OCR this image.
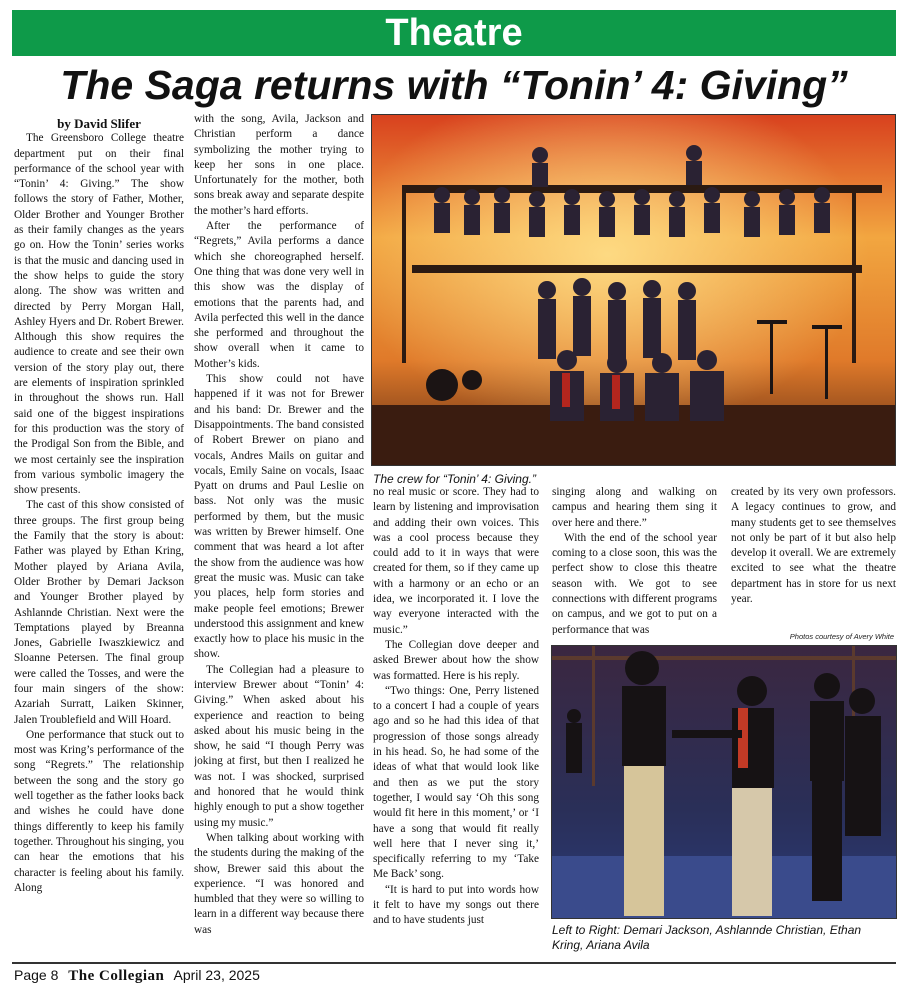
Theatre
The Saga returns with “Tonin’ 4: Giving”

by David Slifer

The Greensboro College theatre department put on their final performance of the school year with “Tonin’ 4: Giving.” The show follows the story of Father, Mother, Older Brother and Younger Brother as their family changes as the years go on. How the Tonin’ series works is that the music and dancing used in the show helps to guide the story along. The show was written and directed by Perry Morgan Hall, Ashley Hyers and Dr. Robert Brewer. Although this show requires the audience to create and see their own version of the story play out, there are elements of inspiration sprinkled in throughout the shows run. Hall said one of the biggest inspirations for this production was the story of the Prodigal Son from the Bible, and we most certainly see the inspiration from various symbolic imagery the show presents.

The cast of this show consisted of three groups. The first group being the Family that the story is about: Father was played by Ethan Kring, Mother played by Ariana Avila, Older Brother by Demari Jackson and Younger Brother played by Ashlannde Christian. Next were the Temptations played by Breanna Jones, Gabrielle Iwaszkiewicz and Sloanne Petersen. The final group were called the Tosses, and were the four main singers of the show: Azariah Surratt, Laiken Skinner, Jalen Troublefield and Will Hoard.

One performance that stuck out to most was Kring’s performance of the song “Regrets.” The relationship between the song and the story go well together as the father looks back and wishes he could have done things differently to keep his family together. Throughout his singing, you can hear the emotions that his character is feeling about his family. Along

with the song, Avila, Jackson and Christian perform a dance symbolizing the mother trying to keep her sons in one place. Unfortunately for the mother, both sons break away and separate despite the mother’s hard efforts.

After the performance of “Regrets,” Avila performs a dance which she choreographed herself. One thing that was done very well in this show was the display of emotions that the parents had, and Avila perfected this well in the dance she performed and throughout the show overall when it came to Mother’s kids.

This show could not have happened if it was not for Brewer and his band: Dr. Brewer and the Disappointments. The band consisted of Robert Brewer on piano and vocals, Andres Mails on guitar and vocals, Emily Saine on vocals, Isaac Pyatt on drums and Paul Leslie on bass. Not only was the music performed by them, but the music was written by Brewer himself. One comment that was heard a lot after the show from the audience was how great the music was. Music can take you places, help form stories and make people feel emotions; Brewer understood this assignment and knew exactly how to place his music in the show.

The Collegian had a pleasure to interview Brewer about “Tonin’ 4: Giving.” When asked about his experience and reaction to being asked about his music being in the show, he said “I though Perry was joking at first, but then I realized he was not. I was shocked, surprised and honored that he would think highly enough to put a show together using my music.”

When talking about working with the students during the making of the show, Brewer said this about the experience. “I was honored and humbled that they were so willing to learn in a different way because there was

The crew for “Tonin’ 4: Giving.”

no real music or score. They had to learn by listening and improvisation and adding their own voices. This was a cool process because they could add to it in ways that were created for them, so if they came up with a harmony or an echo or an idea, we incorporated it. I love the way everyone interacted with the music.”

The Collegian dove deeper and asked Brewer about how the show was formatted. Here is his reply.

“Two things: One, Perry listened to a concert I had a couple of years ago and so he had this idea of that progression of those songs already in his head. So, he had some of the ideas of what that would look like and then as we put the story together, I would say ‘Oh this song would fit here in this moment,’ or ‘I have a song that would fit really well here that I never sing it,’ specifically referring to my ‘Take Me Back’ song.

“It is hard to put into words how it felt to have my songs out there and to have students just

singing along and walking on campus and hearing them sing it over here and there.”

With the end of the school year coming to a close soon, this was the perfect show to close this theatre season with. We got to see connections with different programs on campus, and we got to put on a performance that was

created by its very own professors. A legacy continues to grow, and many students get to see themselves not only be part of it but also help develop it overall. We are extremely excited to see what the theatre department has in store for us next year.

Photos courtesy of Avery White
Left to Right: Demari Jackson, Ashlannde Christian, Ethan Kring, Ariana Avila
Page 8 The Collegian April 23, 2025
